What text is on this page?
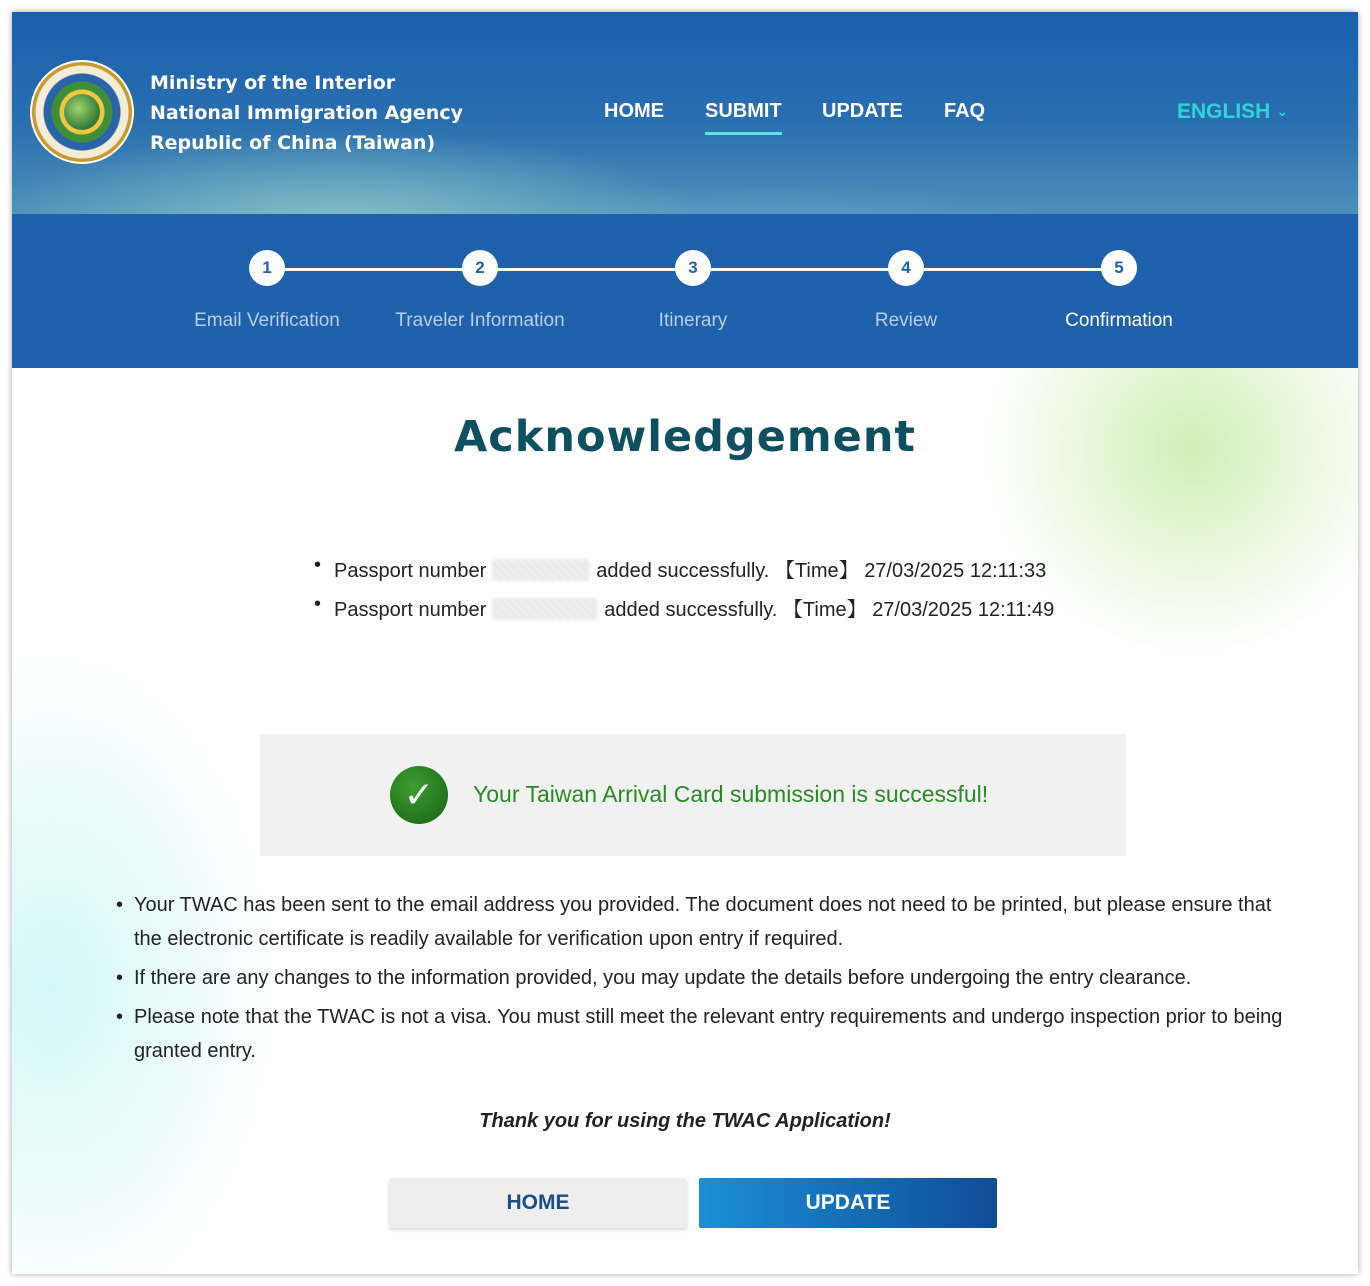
Ministry of the Interior
National Immigration Agency
Republic of China (Taiwan)
HOME SUBMIT UPDATE FAQ	ENGLISH ⌄
1	2	3	4	5
Email Verification	Traveler Information	Itinerary	Review	Confirmation
Acknowledgement
• Passport number	added successfully. 【Time】 27/03/2025 12:11:33
• Passport number	added successfully. 【Time】 27/03/2025 12:11:49
✓	Your Taiwan Arrival Card submission is successful!
• Your TWAC has been sent to the email address you provided. The document does not need to be printed, but please ensure that the electronic certificate is readily available for verification upon entry if required.
• If there are any changes to the information provided, you may update the details before undergoing the entry clearance.
• Please note that the TWAC is not a visa. You must still meet the relevant entry requirements and undergo inspection prior to being granted entry.
Thank you for using the TWAC Application!
HOME	UPDATE
